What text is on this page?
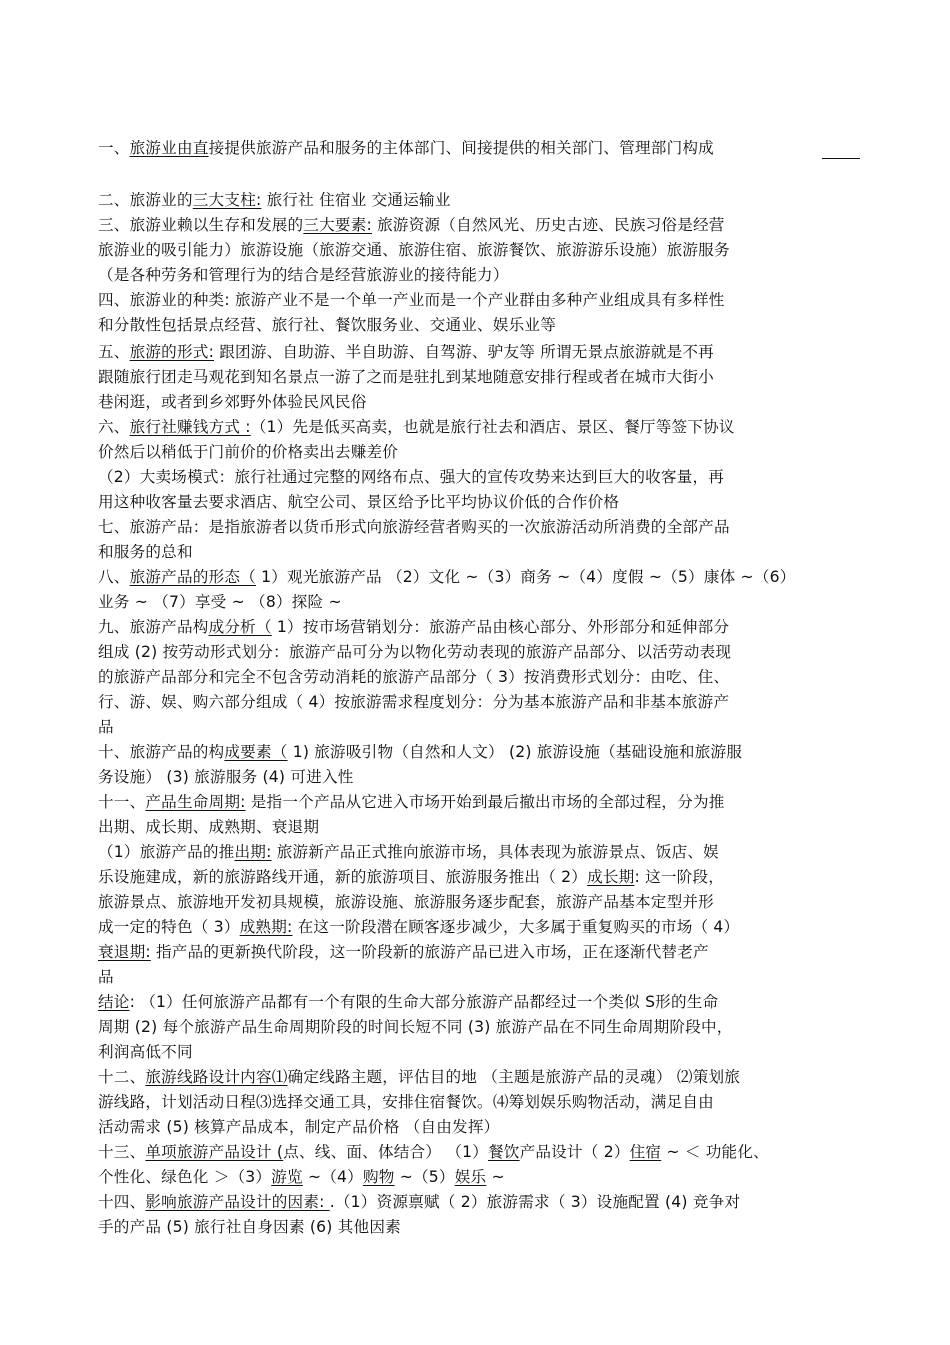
一、旅游业由直接提供旅游产品和服务的主体部门、间接提供的相关部门、管理部门构成
二、旅游业的三大支柱: 旅行社 住宿业 交通运输业
三、旅游业赖以生存和发展的三大要素: 旅游资源（自然风光、历史古迹、民族习俗是经营
旅游业的吸引能力）旅游设施（旅游交通、旅游住宿、旅游餐饮、旅游游乐设施）旅游服务
（是各种劳务和管理行为的结合是经营旅游业的接待能力）
四、旅游业的种类: 旅游产业不是一个单一产业而是一个产业群由多种产业组成具有多样性
和分散性包括景点经营、旅行社、餐饮服务业、交通业、娱乐业等
五、旅游的形式: 跟团游、自助游、半自助游、自驾游、驴友等 所谓无景点旅游就是不再
跟随旅行团走马观花到知名景点一游了之而是驻扎到某地随意安排行程或者在城市大街小
巷闲逛，或者到乡郊野外体验民风民俗
六、旅行社赚钱方式 :（1）先是低买高卖，也就是旅行社去和酒店、景区、餐厅等签下协议
价然后以稍低于门前价的价格卖出去赚差价
（2）大卖场模式：旅行社通过完整的网络布点、强大的宣传攻势来达到巨大的收客量，再
用这种收客量去要求酒店、航空公司、景区给予比平均协议价低的合作价格
七、旅游产品：是指旅游者以货币形式向旅游经营者购买的一次旅游活动所消费的全部产品
和服务的总和
八、旅游产品的形态（ 1）观光旅游产品 （2）文化 ~（3）商务 ~（4）度假 ~（5）康体 ~（6）
业务 ~ （7）享受 ~ （8）探险 ~
九、旅游产品构成分析（ 1）按市场营销划分：旅游产品由核心部分、外形部分和延伸部分
组成 (2) 按劳动形式划分：旅游产品可分为以物化劳动表现的旅游产品部分、以活劳动表现
的旅游产品部分和完全不包含劳动消耗的旅游产品部分（ 3）按消费形式划分：由吃、住、
行、游、娱、购六部分组成（ 4）按旅游需求程度划分：分为基本旅游产品和非基本旅游产
品
十、旅游产品的构成要素（ 1) 旅游吸引物（自然和人文） (2) 旅游设施（基础设施和旅游服
务设施） (3) 旅游服务 (4) 可进入性
十一、产品生命周期: 是指一个产品从它进入市场开始到最后撤出市场的全部过程，分为推
出期、成长期、成熟期、衰退期
（1）旅游产品的推出期: 旅游新产品正式推向旅游市场，具体表现为旅游景点、饭店、娱
乐设施建成，新的旅游路线开通，新的旅游项目、旅游服务推出（ 2）成长期: 这一阶段，
旅游景点、旅游地开发初具规模，旅游设施、旅游服务逐步配套，旅游产品基本定型并形
成一定的特色（ 3）成熟期: 在这一阶段潜在顾客逐步减少，大多属于重复购买的市场（ 4）
衰退期: 指产品的更新换代阶段，这一阶段新的旅游产品已进入市场，正在逐渐代替老产
品
结论: （1）任何旅游产品都有一个有限的生命大部分旅游产品都经过一个类似 S形的生命
周期 (2) 每个旅游产品生命周期阶段的时间长短不同 (3) 旅游产品在不同生命周期阶段中，
利润高低不同
十二、旅游线路设计内容⑴确定线路主题，评估目的地 （主题是旅游产品的灵魂） ⑵策划旅
游线路，计划活动日程⑶选择交通工具，安排住宿餐饮。⑷筹划娱乐购物活动，满足自由
活动需求 (5) 核算产品成本，制定产品价格 （自由发挥）
十三、单项旅游产品设计 (点、线、面、体结合） （1）餐饮产品设计（ 2）住宿 ~ ＜ 功能化、
个性化、绿色化 ＞（3）游览 ~（4）购物 ~（5）娱乐 ~
十四、影响旅游产品设计的因素: .（1）资源禀赋（ 2）旅游需求（ 3）设施配置 (4) 竞争对
手的产品 (5) 旅行社自身因素 (6) 其他因素
